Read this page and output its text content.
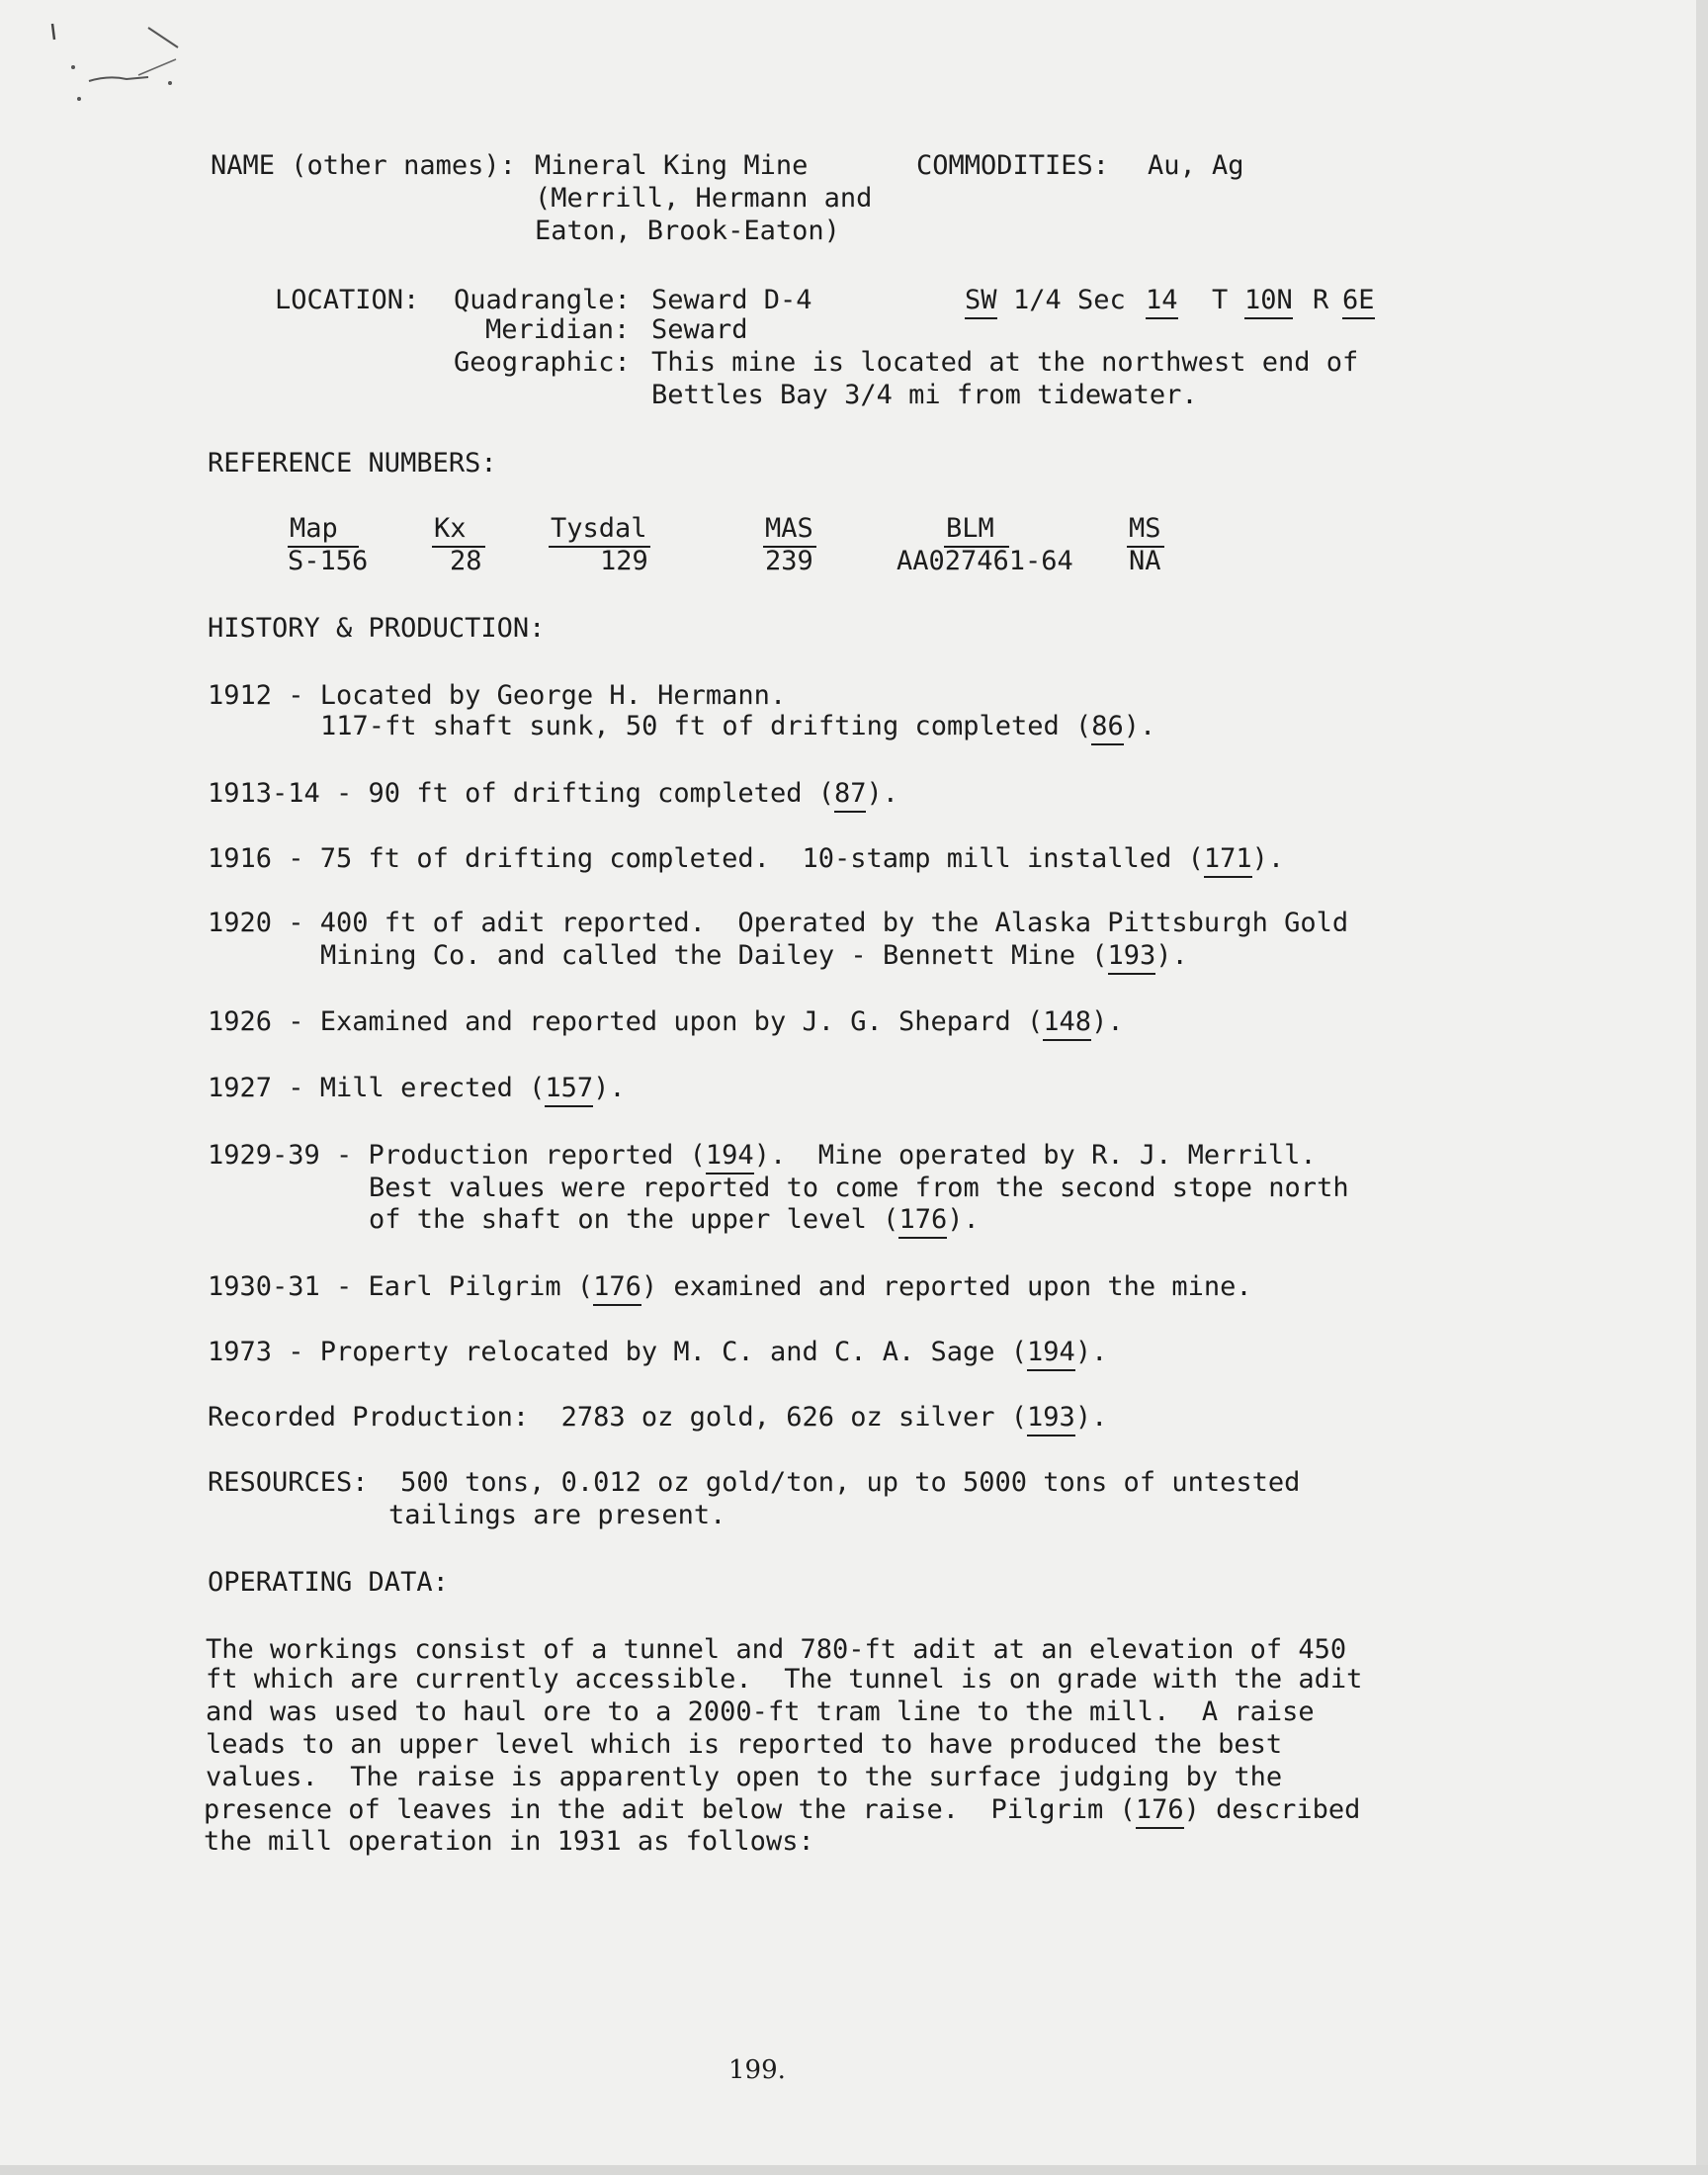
NAME (other names): Mineral King Mine	COMMODITIES: Au, Ag
(Merrill, Hermann and
Eaton, Brook-Eaton)
LOCATION: Quadrangle: Seward D-4	SW 1/4 Sec 14 T 10N R 6E
Meridian: Seward
Geographic: This mine is located at the northwest end of
Bettles Bay 3/4 mi from tidewater.
REFERENCE NUMBERS:
Map
S-156
Kx
28
Tysdal
129
MAS
239
BLM
AA027461-64
MS
NA
HISTORY & PRODUCTION:
1912 - Located by George H. Hermann.
117-ft shaft sunk, 50 ft of drifting completed (86).
1913-14 - 90 ft of drifting completed (87).
1916 - 75 ft of drifting completed.  10-stamp mill installed (171).
1920 - 400 ft of adit reported.  Operated by the Alaska Pittsburgh Gold
Mining Co. and called the Dailey - Bennett Mine (193).
1926 - Examined and reported upon by J. G. Shepard (148).
1927 - Mill erected (157).
1929-39 - Production reported (194).  Mine operated by R. J. Merrill.
Best values were reported to come from the second stope north
of the shaft on the upper level (176).
1930-31 - Earl Pilgrim (176) examined and reported upon the mine.
1973 - Property relocated by M. C. and C. A. Sage (194).
Recorded Production:  2783 oz gold, 626 oz silver (193).
RESOURCES:  500 tons, 0.012 oz gold/ton, up to 5000 tons of untested
tailings are present.
OPERATING DATA:
The workings consist of a tunnel and 780-ft adit at an elevation of 450
ft which are currently accessible.  The tunnel is on grade with the adit
and was used to haul ore to a 2000-ft tram line to the mill.  A raise
leads to an upper level which is reported to have produced the best
values.  The raise is apparently open to the surface judging by the
presence of leaves in the adit below the raise.  Pilgrim (176) described
the mill operation in 1931 as follows:
199.
